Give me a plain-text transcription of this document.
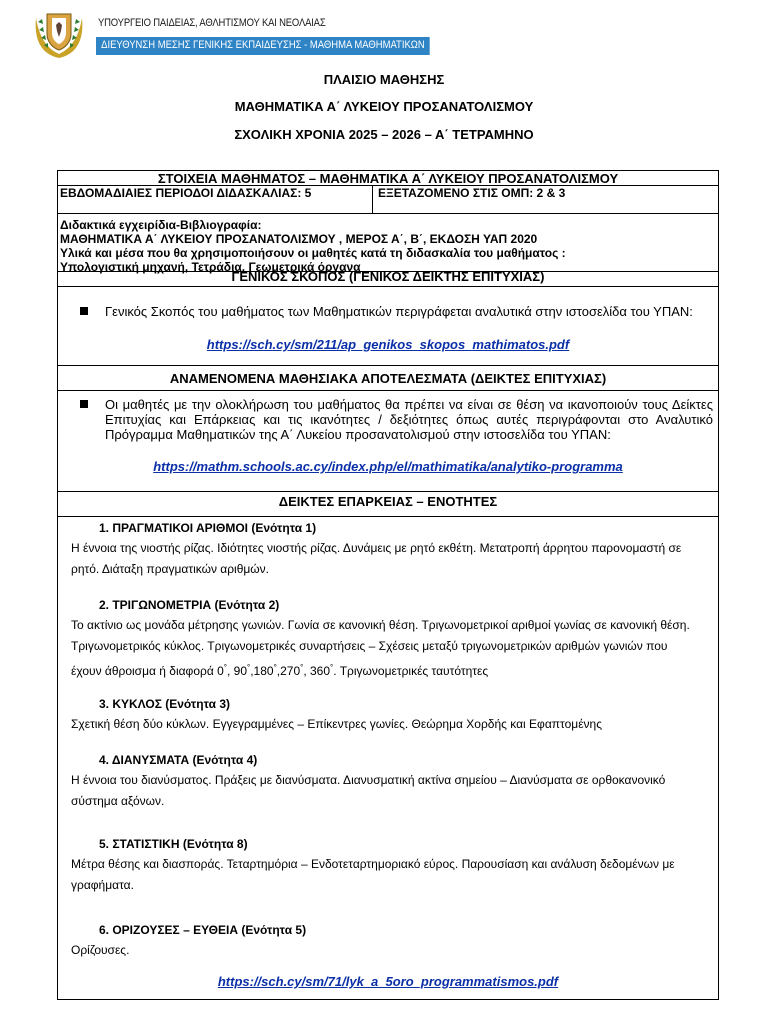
ΥΠΟΥΡΓΕΙΟ ΠΑΙΔΕΙΑΣ, ΑΘΛΗΤΙΣΜΟΥ ΚΑΙ ΝΕΟΛΑΙΑΣ
ΔΙΕΥΘΥΝΣΗ ΜΕΣΗΣ ΓΕΝΙΚΗΣ ΕΚΠΑΙΔΕΥΣΗΣ - ΜΑΘΗΜΑ ΜΑΘΗΜΑΤΙΚΩΝ
ΠΛΑΙΣΙΟ ΜΑΘΗΣΗΣ
ΜΑΘΗΜΑΤΙΚΑ Α΄ ΛΥΚΕΙΟΥ ΠΡΟΣΑΝΑΤΟΛΙΣΜΟΥ
ΣΧΟΛΙΚΗ ΧΡΟΝΙΑ 2025 – 2026 – Α΄ ΤΕΤΡΑΜΗΝΟ
ΣΤΟΙΧΕΙΑ ΜΑΘΗΜΑΤΟΣ – ΜΑΘΗΜΑΤΙΚΑ Α΄ ΛΥΚΕΙΟΥ ΠΡΟΣΑΝΑΤΟΛΙΣΜΟΥ
ΕΒΔΟΜΑΔΙΑΙΕΣ ΠΕΡΙΟΔΟΙ ΔΙΔΑΣΚΑΛΙΑΣ: 5	ΕΞΕΤΑΖΟΜΕΝΟ ΣΤΙΣ ΟΜΠ: 2 & 3
Διδακτικά εγχειρίδια-Βιβλιογραφία:
ΜΑΘΗΜΑΤΙΚΑ Α΄ ΛΥΚΕΙΟΥ ΠΡΟΣΑΝΑΤΟΛΙΣΜΟΥ , ΜΕΡΟΣ Α΄, Β΄, ΕΚΔΟΣΗ ΥΑΠ 2020
Υλικά και μέσα που θα χρησιμοποιήσουν οι μαθητές κατά τη διδασκαλία του μαθήματος :
Υπολογιστική μηχανή, Τετράδια, Γεωμετρικά όργανα
ΓΕΝΙΚΟΣ ΣΚΟΠΟΣ (ΓΕΝΙΚΟΣ ΔΕΙΚΤΗΣ ΕΠΙΤΥΧΙΑΣ)
Γενικός Σκοπός του μαθήματος των Μαθηματικών περιγράφεται αναλυτικά στην ιστοσελίδα του ΥΠΑΝ:
https://sch.cy/sm/211/ap_genikos_skopos_mathimatos.pdf
ΑΝΑΜΕΝΟΜΕΝΑ ΜΑΘΗΣΙΑΚΑ ΑΠΟΤΕΛΕΣΜΑΤΑ (ΔΕΙΚΤΕΣ ΕΠΙΤΥΧΙΑΣ)
Οι μαθητές με την ολοκλήρωση του μαθήματος θα πρέπει να είναι σε θέση να ικανοποιούν τους Δείκτες Επιτυχίας και Επάρκειας και τις ικανότητες / δεξιότητες όπως αυτές περιγράφονται στο Αναλυτικό Πρόγραμμα Μαθηματικών της Α΄ Λυκείου προσανατολισμού στην ιστοσελίδα του ΥΠΑΝ:
https://mathm.schools.ac.cy/index.php/el/mathimatika/analytiko-programma
ΔΕΙΚΤΕΣ ΕΠΑΡΚΕΙΑΣ – ΕΝΟΤΗΤΕΣ
1. ΠΡΑΓΜΑΤΙΚΟΙ ΑΡΙΘΜΟΙ (Ενότητα 1)
Η έννοια της νιοστής ρίζας. Ιδιότητες νιοστής ρίζας. Δυνάμεις με ρητό εκθέτη. Μετατροπή άρρητου παρονομαστή σε ρητό. Διάταξη πραγματικών αριθμών.
2. ΤΡΙΓΩΝΟΜΕΤΡΙΑ (Ενότητα 2)
Το ακτίνιο ως μονάδα μέτρησης γωνιών. Γωνία σε κανονική θέση. Τριγωνομετρικοί αριθμοί γωνίας σε κανονική θέση. Τριγωνομετρικός κύκλος. Τριγωνομετρικές συναρτήσεις – Σχέσεις μεταξύ τριγωνομετρικών αριθμών γωνιών που έχουν άθροισμα ή διαφορά 0°, 90°,180°,270°, 360°. Τριγωνομετρικές ταυτότητες
3. ΚΥΚΛΟΣ (Ενότητα 3)
Σχετική θέση δύο κύκλων. Εγγεγραμμένες – Επίκεντρες γωνίες. Θεώρημα Χορδής και Εφαπτομένης
4. ΔΙΑΝΥΣΜΑΤΑ (Ενότητα 4)
Η έννοια του διανύσματος. Πράξεις με διανύσματα. Διανυσματική ακτίνα σημείου – Διανύσματα σε ορθοκανονικό σύστημα αξόνων.
5. ΣΤΑΤΙΣΤΙΚΗ (Ενότητα 8)
Μέτρα θέσης και διασποράς. Τεταρτημόρια – Ενδοτεταρτημοριακό εύρος. Παρουσίαση και ανάλυση δεδομένων με γραφήματα.
6. ΟΡΙΖΟΥΣΕΣ – ΕΥΘΕΙΑ (Ενότητα 5)
Ορίζουσες.
https://sch.cy/sm/71/lyk_a_5oro_programmatismos.pdf
